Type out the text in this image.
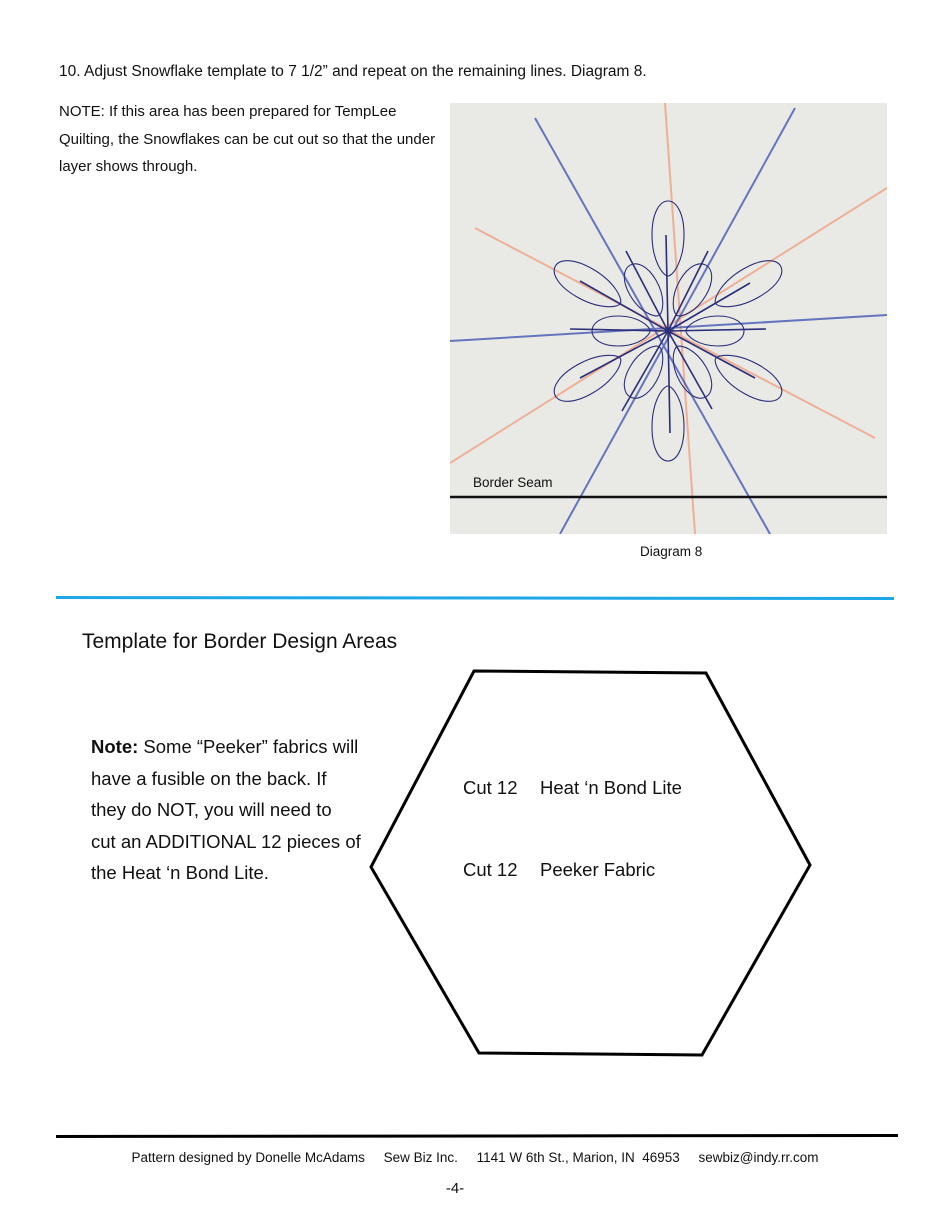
10. Adjust Snowflake template to 7 1/2” and repeat on the remaining lines. Diagram 8.
NOTE: If this area has been prepared for TempLee Quilting, the Snowflakes can be cut out so that the under layer shows through.
Border Seam
Diagram 8
Template for Border Design Areas
Note: Some “Peeker” fabrics will have a fusible on the back. If they do NOT, you will need to cut an ADDITIONAL 12 pieces of the Heat ‘n Bond Lite.
Cut 12 Heat ‘n Bond Lite
Cut 12 Peeker Fabric
Pattern designed by Donelle McAdams     Sew Biz Inc.     1141 W 6th St., Marion, IN  46953     sewbiz@indy.rr.com
-4-
